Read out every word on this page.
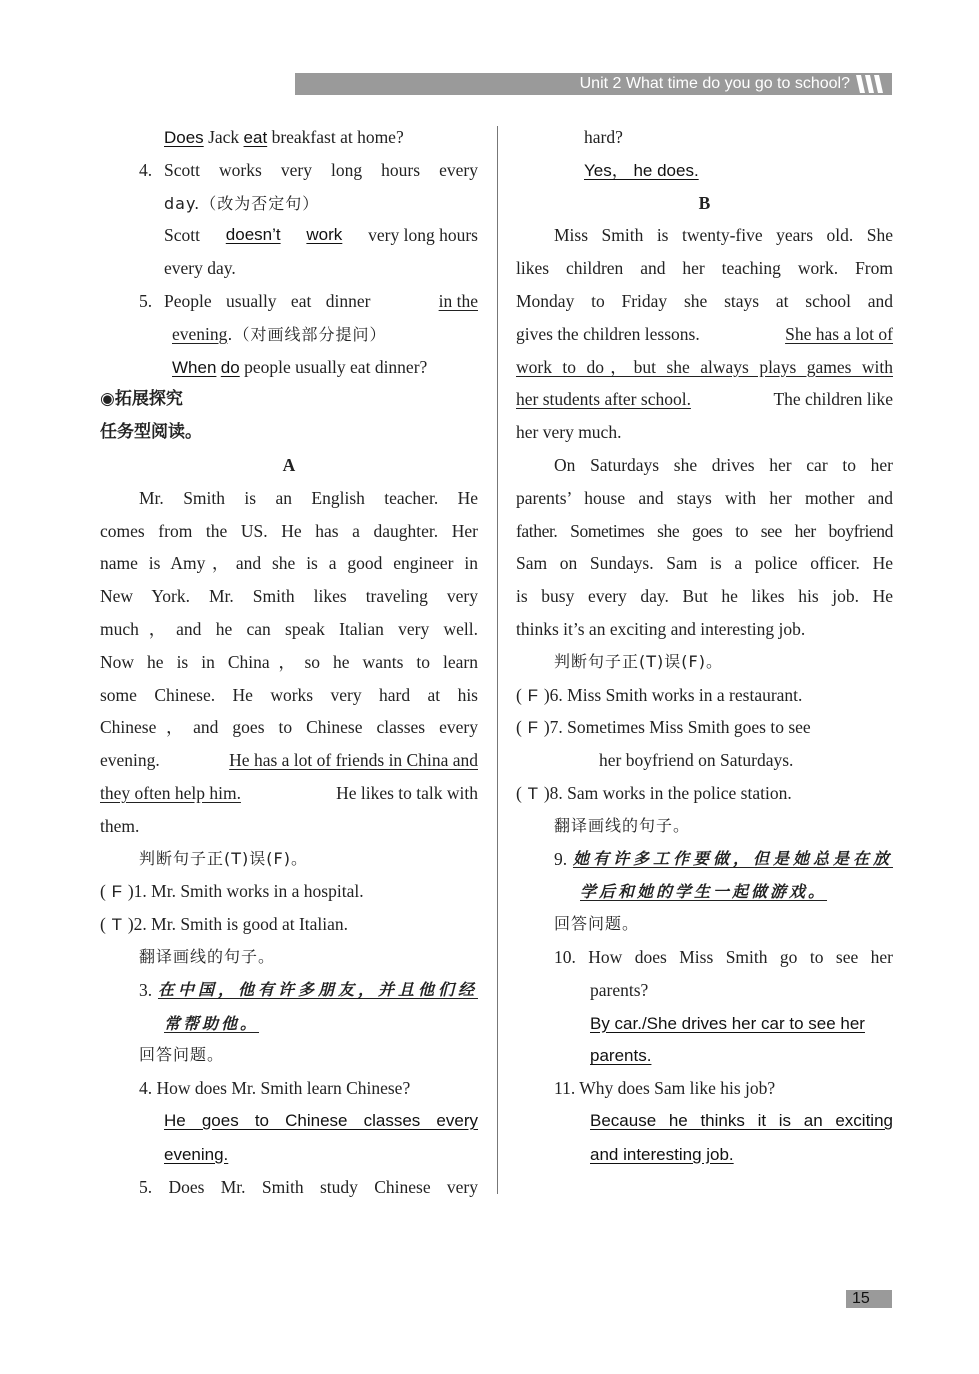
Unit 2 What time do you go to school?
Does Jack eat breakfast at home?
4. Scott works very long hours every
day.（改为否定句）
Scott doesn’t work very long hours
every day.
5. People usually eat dinner	in the
evening.（对画线部分提问）
When do people usually eat dinner?
◉拓展探究
任务型阅读。
A
Mr. Smith is an English teacher. He
comes from the US. He has a daughter. Her
name is Amy，and she is a good engineer in
New York. Mr. Smith likes traveling very
much，and he can speak Italian very well.
Now he is in China，so he wants to learn
some Chinese. He works very hard at his
Chinese，and goes to Chinese classes every
evening.	He has a lot of friends in China and
they often help him.	He likes to talk with
them.
判断句子正(T)误(F)。
( F )1. Mr. Smith works in a hospital.
( T )2. Mr. Smith is good at Italian.
翻译画线的句子。
3. 在中国，他有许多朋友，并且他们经
常帮助他。
回答问题。
4. How does Mr. Smith learn Chinese?
He goes to Chinese classes every
evening.
5. Does Mr. Smith study Chinese very
hard?
Yes， he does.
B
Miss Smith is twenty-five years old. She
likes children and her teaching work. From
Monday to Friday she stays at school and
gives the children lessons.	She has a lot of
work to do，but she always plays games with
her students after school.	The children like
her very much.
On Saturdays she drives her car to her
parents’ house and stays with her mother and
father. Sometimes she goes to see her boyfriend
Sam on Sundays. Sam is a police officer. He
is busy every day. But he likes his job. He
thinks it’s an exciting and interesting job.
判断句子正(T)误(F)。
( F )6. Miss Smith works in a restaurant.
( F )7. Sometimes Miss Smith goes to see
her boyfriend on Saturdays.
( T )8. Sam works in the police station.
翻译画线的句子。
9. 她有许多工作要做，但是她总是在放
学后和她的学生一起做游戏。
回答问题。
10. How does Miss Smith go to see her
parents?
By car./She drives her car to see her
parents.
11. Why does Sam like his job?
Because he thinks it is an exciting
and interesting job.
15
